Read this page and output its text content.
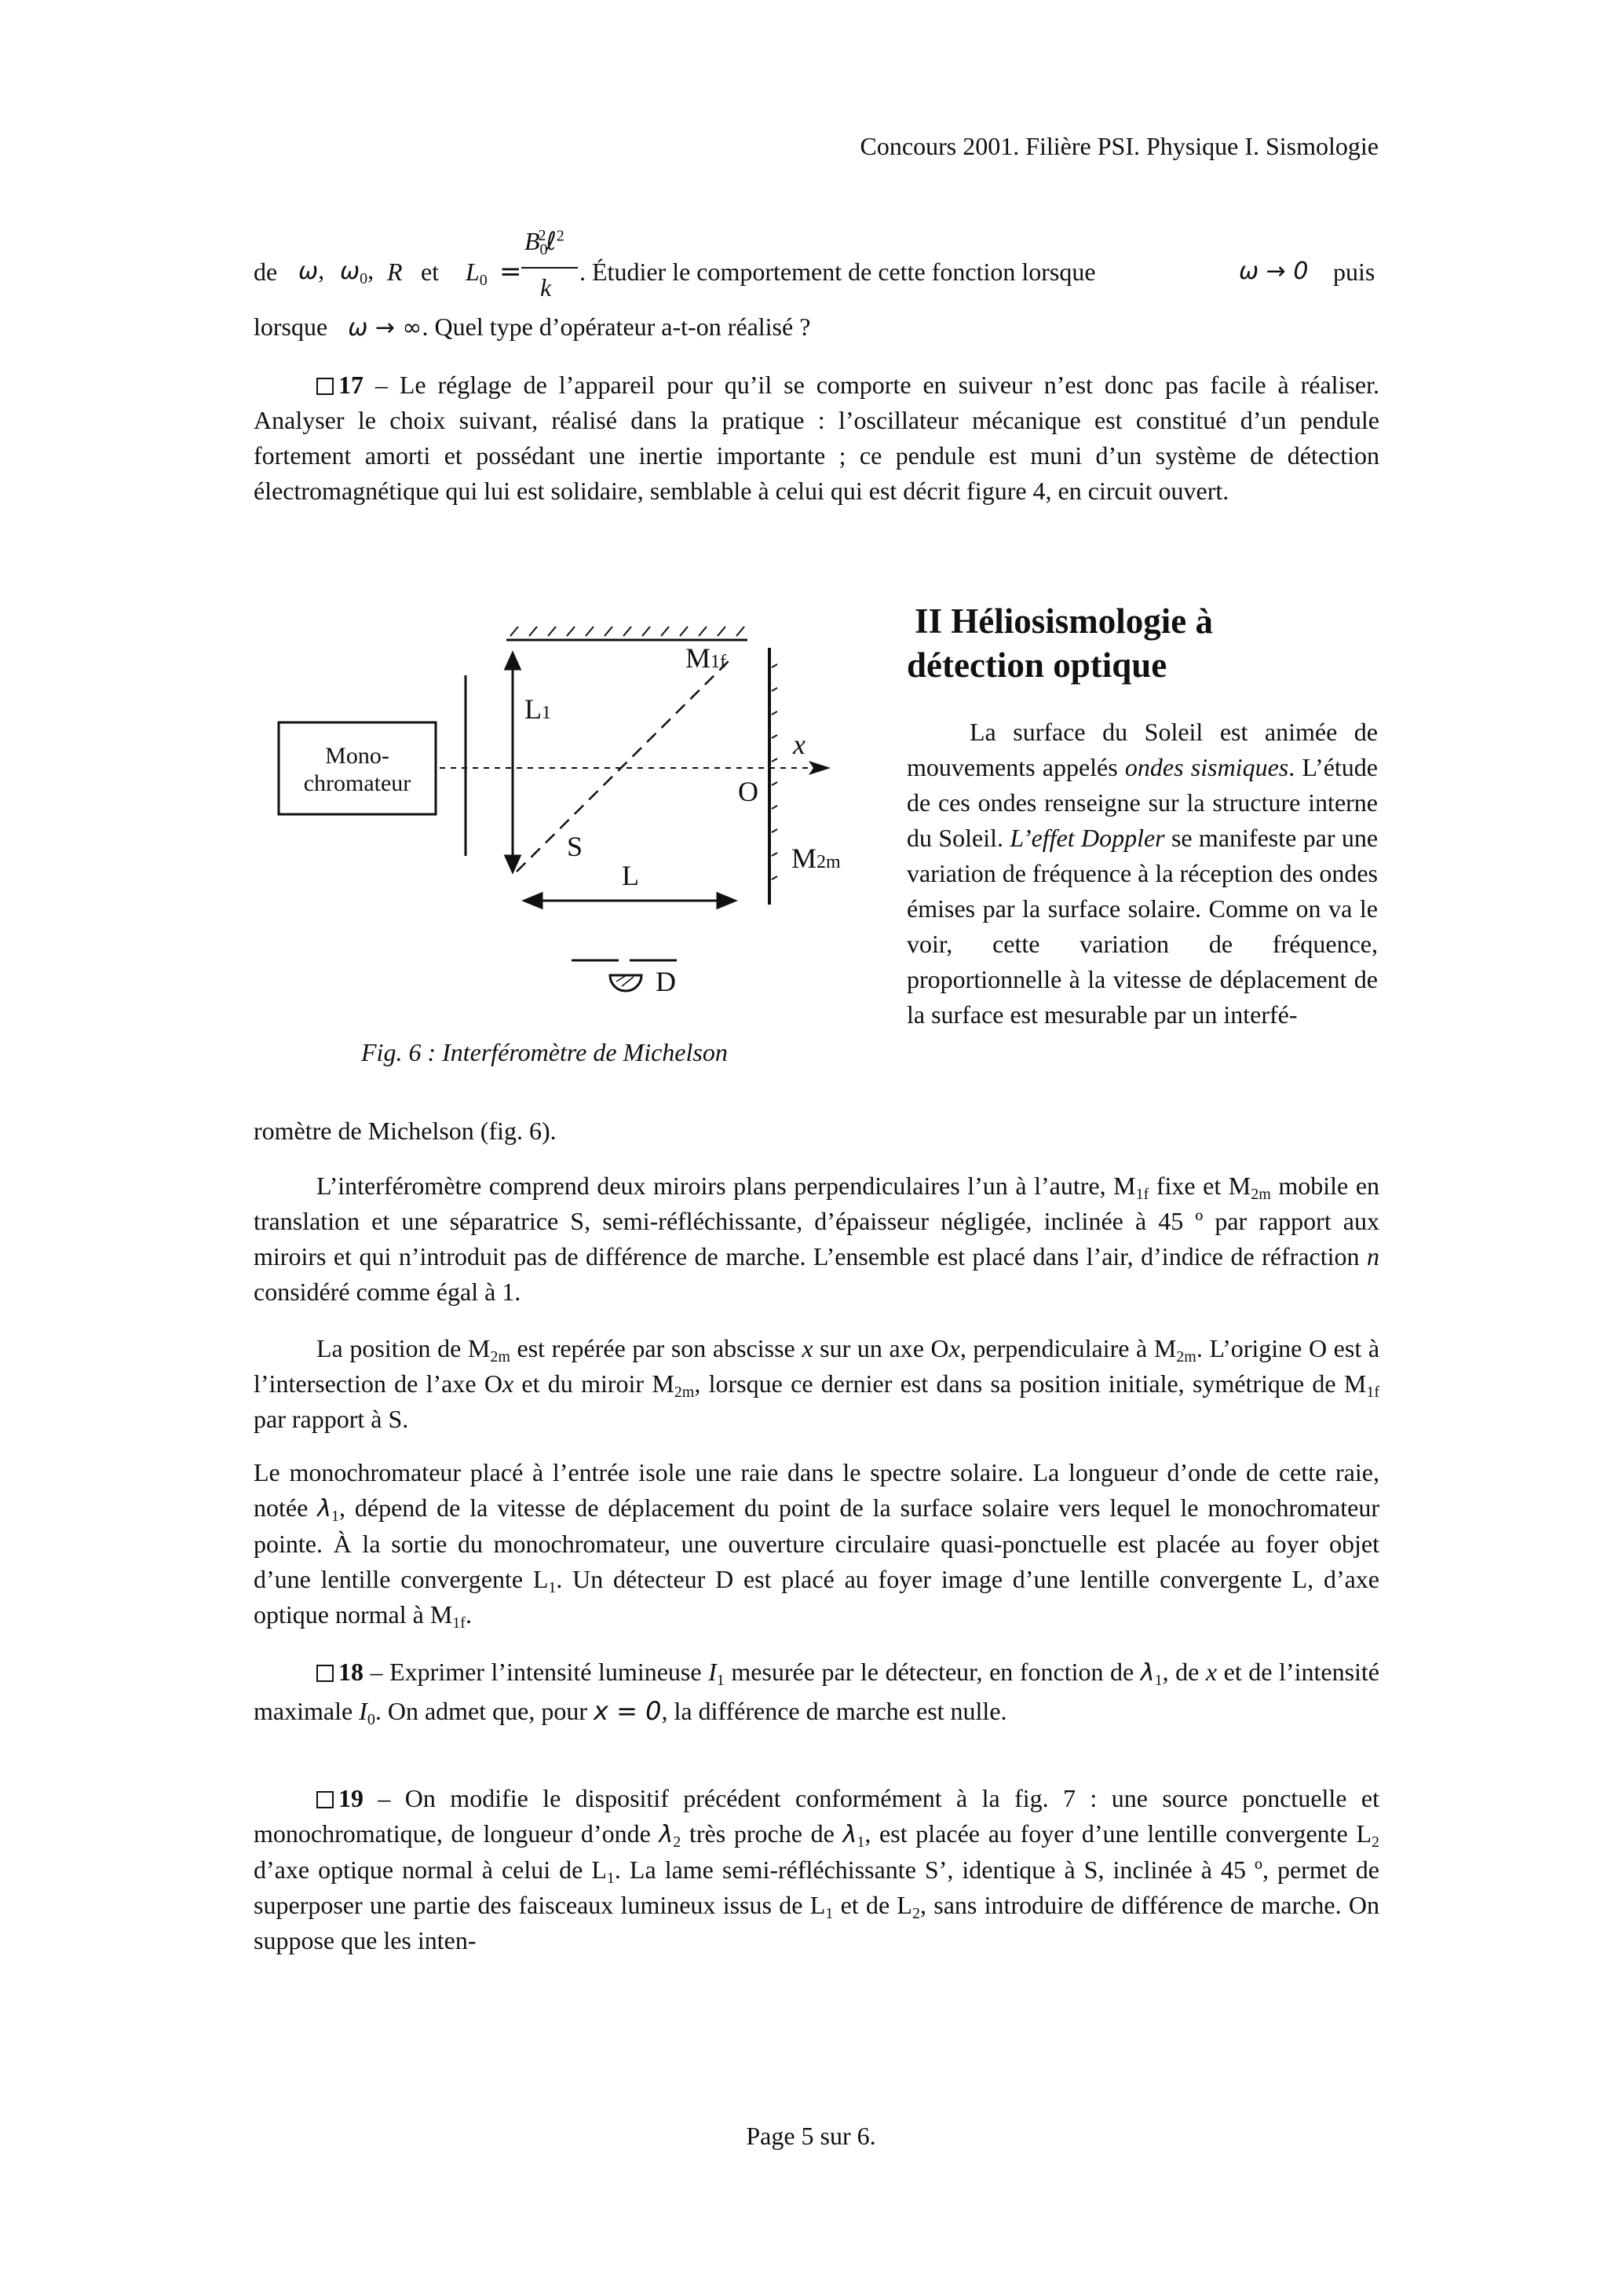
Concours 2001. Filière PSI. Physique I. Sismologie
de ω, $\omega_0$, R et $L_0$ =
$B_0^2\ell^2$
k
. Étudier le comportement de cette fonction lorsque	ω → 0 puis
lorsque ω → ∞. Quel type d’opérateur a-t-on réalisé ?

17 – Le réglage de l’appareil pour qu’il se comporte en suiveur n’est donc pas facile à réaliser. Analyser le choix suivant, réalisé dans la pratique : l’oscillateur mécanique est constitué d’un pendule fortement amorti et possédant une inertie importante ; ce pendule est muni d’un système de détection électromagnétique qui lui est solidaire, semblable à celui qui est décrit figure 4, en circuit ouvert.

Mono-
chromateur
M1f
L1
x
O
S	M2m
L
D
Fig. 6 : Interféromètre de Michelson
II Héliosismologie à
détection optique

La surface du Soleil est animée de mouvements appelés ondes sismiques. L’étude de ces ondes renseigne sur la structure interne du Soleil. L’effet Doppler se manifeste par une variation de fréquence à la réception des ondes émises par la surface solaire. Comme on va le voir, cette variation de fréquence, proportionnelle à la vitesse de déplacement de la surface est mesurable par un interfé-

romètre de Michelson (fig. 6).

L’interféromètre comprend deux miroirs plans perpendiculaires l’un à l’autre, $M_{1f}$ fixe et $M_{2m}$ mobile en translation et une séparatrice S, semi-réfléchissante, d’épaisseur négligée, inclinée à 45 º par rapport aux miroirs et qui n’introduit pas de différence de marche. L’ensemble est placé dans l’air, d’indice de réfraction n considéré comme égal à 1.

La position de $M_{2m}$ est repérée par son abscisse x sur un axe Ox, perpendiculaire à $M_{2m}$. L’origine O est à l’intersection de l’axe Ox et du miroir $M_{2m}$, lorsque ce dernier est dans sa position initiale, symétrique de $M_{1f}$ par rapport à S.

Le monochromateur placé à l’entrée isole une raie dans le spectre solaire. La longueur d’onde de cette raie, notée $\lambda_1$, dépend de la vitesse de déplacement du point de la surface solaire vers lequel le monochromateur pointe. À la sortie du monochromateur, une ouverture circulaire quasi-ponctuelle est placée au foyer objet d’une lentille convergente $L_1$. Un détecteur D est placé au foyer image d’une lentille convergente L, d’axe optique normal à $M_{1f}$.

18 – Exprimer l’intensité lumineuse $I_1$ mesurée par le détecteur, en fonction de $\lambda_1$, de x et de l’intensité maximale $I_0$. On admet que, pour x = 0, la différence de marche est nulle.

19 – On modifie le dispositif précédent conformément à la fig. 7 : une source ponctuelle et monochromatique, de longueur d’onde $\lambda_2$ très proche de $\lambda_1$, est placée au foyer d’une lentille convergente $L_2$ d’axe optique normal à celui de $L_1$. La lame semi-réfléchissante S’, identique à S, inclinée à 45 º, permet de superposer une partie des faisceaux lumineux issus de $L_1$ et de $L_2$, sans introduire de différence de marche. On suppose que les inten-

Page 5 sur 6.
